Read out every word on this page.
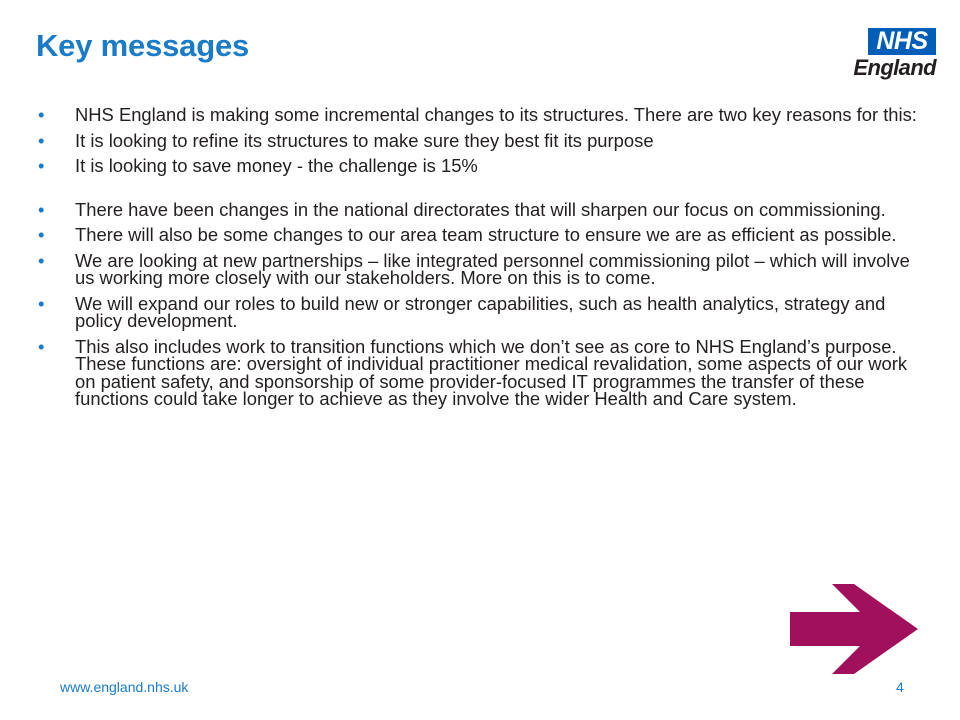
Key messages	NHS
England
• NHS England is making some incremental changes to its structures. There are two key reasons for this:
• It is looking to refine its structures to make sure they best fit its purpose
• It is looking to save money - the challenge is 15%
• There have been changes in the national directorates that will sharpen our focus on commissioning.
• There will also be some changes to our area team structure to ensure we are as efficient as possible.
• We are looking at new partnerships – like integrated personnel commissioning pilot – which will involve us working more closely with our stakeholders. More on this is to come.
• We will expand our roles to build new or stronger capabilities, such as health analytics, strategy and policy development.
• This also includes work to transition functions which we don’t see as core to NHS England’s purpose. These functions are: oversight of individual practitioner medical revalidation, some aspects of our work on patient safety, and sponsorship of some provider-focused IT programmes the transfer of these functions could take longer to achieve as they involve the wider Health and Care system.
www.england.nhs.uk	4
